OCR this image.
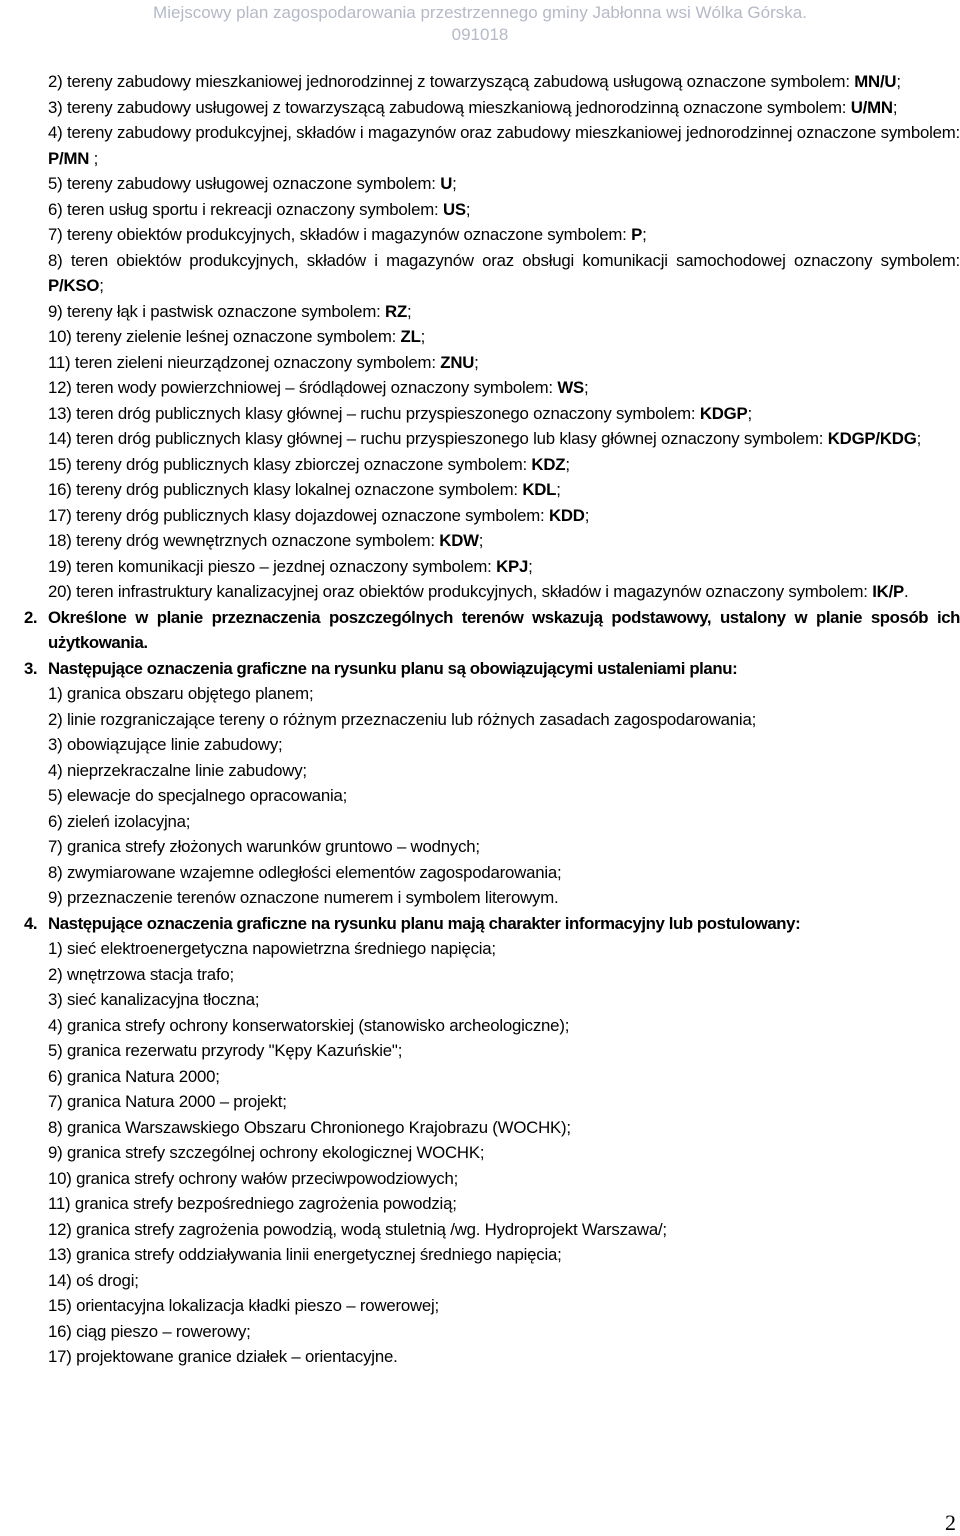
Miejscowy plan zagospodarowania przestrzennego gminy Jabłonna wsi Wólka Górska.
091018
2) tereny zabudowy mieszkaniowej jednorodzinnej z towarzyszącą zabudową usługową oznaczone symbolem: MN/U;
3) tereny zabudowy usługowej z towarzyszącą zabudową mieszkaniową jednorodzinną oznaczone symbolem: U/MN;
4) tereny zabudowy produkcyjnej, składów i magazynów oraz zabudowy mieszkaniowej jednorodzinnej oznaczone symbolem: P/MN ;
5) tereny zabudowy usługowej oznaczone symbolem: U;
6) teren usług sportu i rekreacji oznaczony symbolem: US;
7) tereny obiektów produkcyjnych, składów i magazynów oznaczone symbolem: P;
8) teren obiektów produkcyjnych, składów i magazynów oraz obsługi komunikacji samochodowej oznaczony symbolem: P/KSO;
9) tereny łąk i pastwisk oznaczone symbolem: RZ;
10) tereny zielenie leśnej oznaczone symbolem: ZL;
11) teren zieleni nieurządzonej oznaczony symbolem: ZNU;
12) teren wody powierzchniowej – śródlądowej oznaczony symbolem: WS;
13) teren dróg publicznych klasy głównej – ruchu przyspieszonego oznaczony symbolem: KDGP;
14) teren dróg publicznych klasy głównej – ruchu przyspieszonego lub klasy głównej oznaczony symbolem: KDGP/KDG;
15) tereny dróg publicznych klasy zbiorczej oznaczone symbolem: KDZ;
16) tereny dróg publicznych klasy lokalnej oznaczone symbolem: KDL;
17) tereny dróg publicznych klasy dojazdowej oznaczone symbolem: KDD;
18) tereny dróg wewnętrznych oznaczone symbolem: KDW;
19) teren komunikacji pieszo – jezdnej oznaczony symbolem: KPJ;
20) teren infrastruktury kanalizacyjnej oraz obiektów produkcyjnych, składów i magazynów oznaczony symbolem: IK/P.
2. Określone w planie przeznaczenia poszczególnych terenów wskazują podstawowy, ustalony w planie sposób ich użytkowania.
3. Następujące oznaczenia graficzne na rysunku planu są obowiązującymi ustaleniami planu:
1) granica obszaru objętego planem;
2) linie rozgraniczające tereny o różnym przeznaczeniu lub różnych zasadach zagospodarowania;
3) obowiązujące linie zabudowy;
4) nieprzekraczalne linie zabudowy;
5) elewacje do specjalnego opracowania;
6) zieleń izolacyjna;
7) granica strefy złożonych warunków gruntowo – wodnych;
8) zwymiarowane wzajemne odległości elementów zagospodarowania;
9) przeznaczenie terenów oznaczone numerem i symbolem literowym.
4. Następujące oznaczenia graficzne na rysunku planu mają charakter informacyjny lub postulowany:
1) sieć elektroenergetyczna napowietrzna średniego napięcia;
2) wnętrzowa stacja trafo;
3) sieć kanalizacyjna tłoczna;
4) granica strefy ochrony konserwatorskiej (stanowisko archeologiczne);
5) granica rezerwatu przyrody "Kępy Kazuńskie";
6) granica Natura 2000;
7) granica Natura 2000 – projekt;
8) granica Warszawskiego Obszaru Chronionego Krajobrazu (WOCHK);
9) granica strefy szczególnej ochrony ekologicznej WOCHK;
10) granica strefy ochrony wałów przeciwpowodziowych;
11) granica strefy bezpośredniego zagrożenia powodzią;
12) granica strefy zagrożenia powodzią, wodą stuletnią /wg. Hydroprojekt Warszawa/;
13) granica strefy oddziaływania linii energetycznej średniego napięcia;
14) oś drogi;
15) orientacyjna lokalizacja kładki pieszo – rowerowej;
16) ciąg pieszo – rowerowy;
17) projektowane granice działek – orientacyjne.
2
